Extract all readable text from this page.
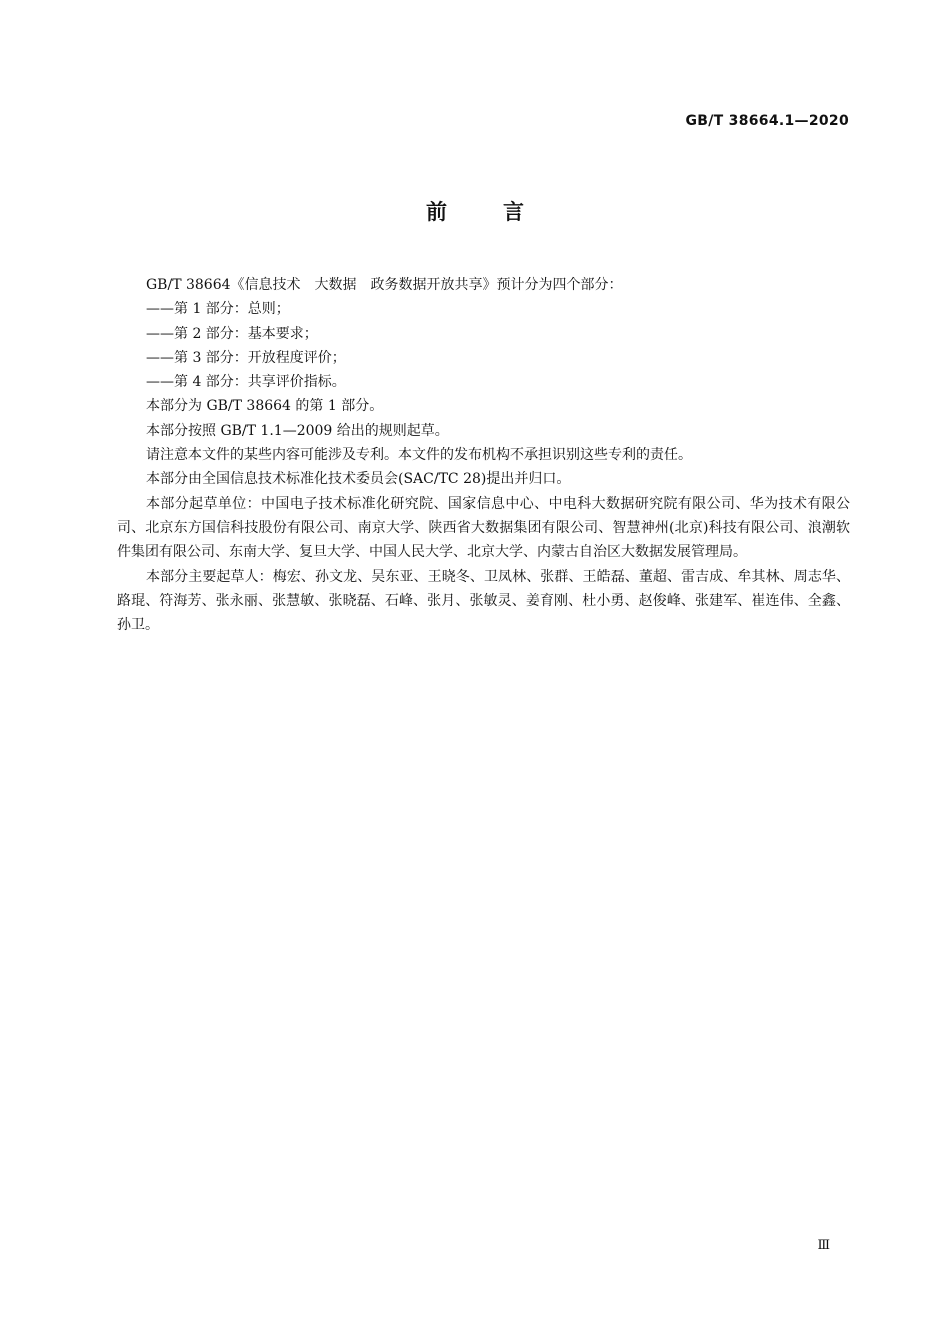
GB/T 38664.1—2020
前	言

GB/T 38664《信息技术　大数据　政务数据开放共享》预计分为四个部分：

——第 1 部分：总则；

——第 2 部分：基本要求；

——第 3 部分：开放程度评价；

——第 4 部分：共享评价指标。

本部分为 GB/T 38664 的第 1 部分。

本部分按照 GB/T 1.1—2009 给出的规则起草。

请注意本文件的某些内容可能涉及专利。本文件的发布机构不承担识别这些专利的责任。

本部分由全国信息技术标准化技术委员会(SAC/TC 28)提出并归口。

本部分起草单位：中国电子技术标准化研究院、国家信息中心、中电科大数据研究院有限公司、华为技术有限公司、北京东方国信科技股份有限公司、南京大学、陕西省大数据集团有限公司、智慧神州(北京)科技有限公司、浪潮软件集团有限公司、东南大学、复旦大学、中国人民大学、北京大学、内蒙古自治区大数据发展管理局。

本部分主要起草人：梅宏、孙文龙、吴东亚、王晓冬、卫凤林、张群、王皓磊、董超、雷吉成、牟其林、周志华、路琨、符海芳、张永丽、张慧敏、张晓磊、石峰、张月、张敏灵、姜育刚、杜小勇、赵俊峰、张建军、崔连伟、全鑫、孙卫。

Ⅲ
